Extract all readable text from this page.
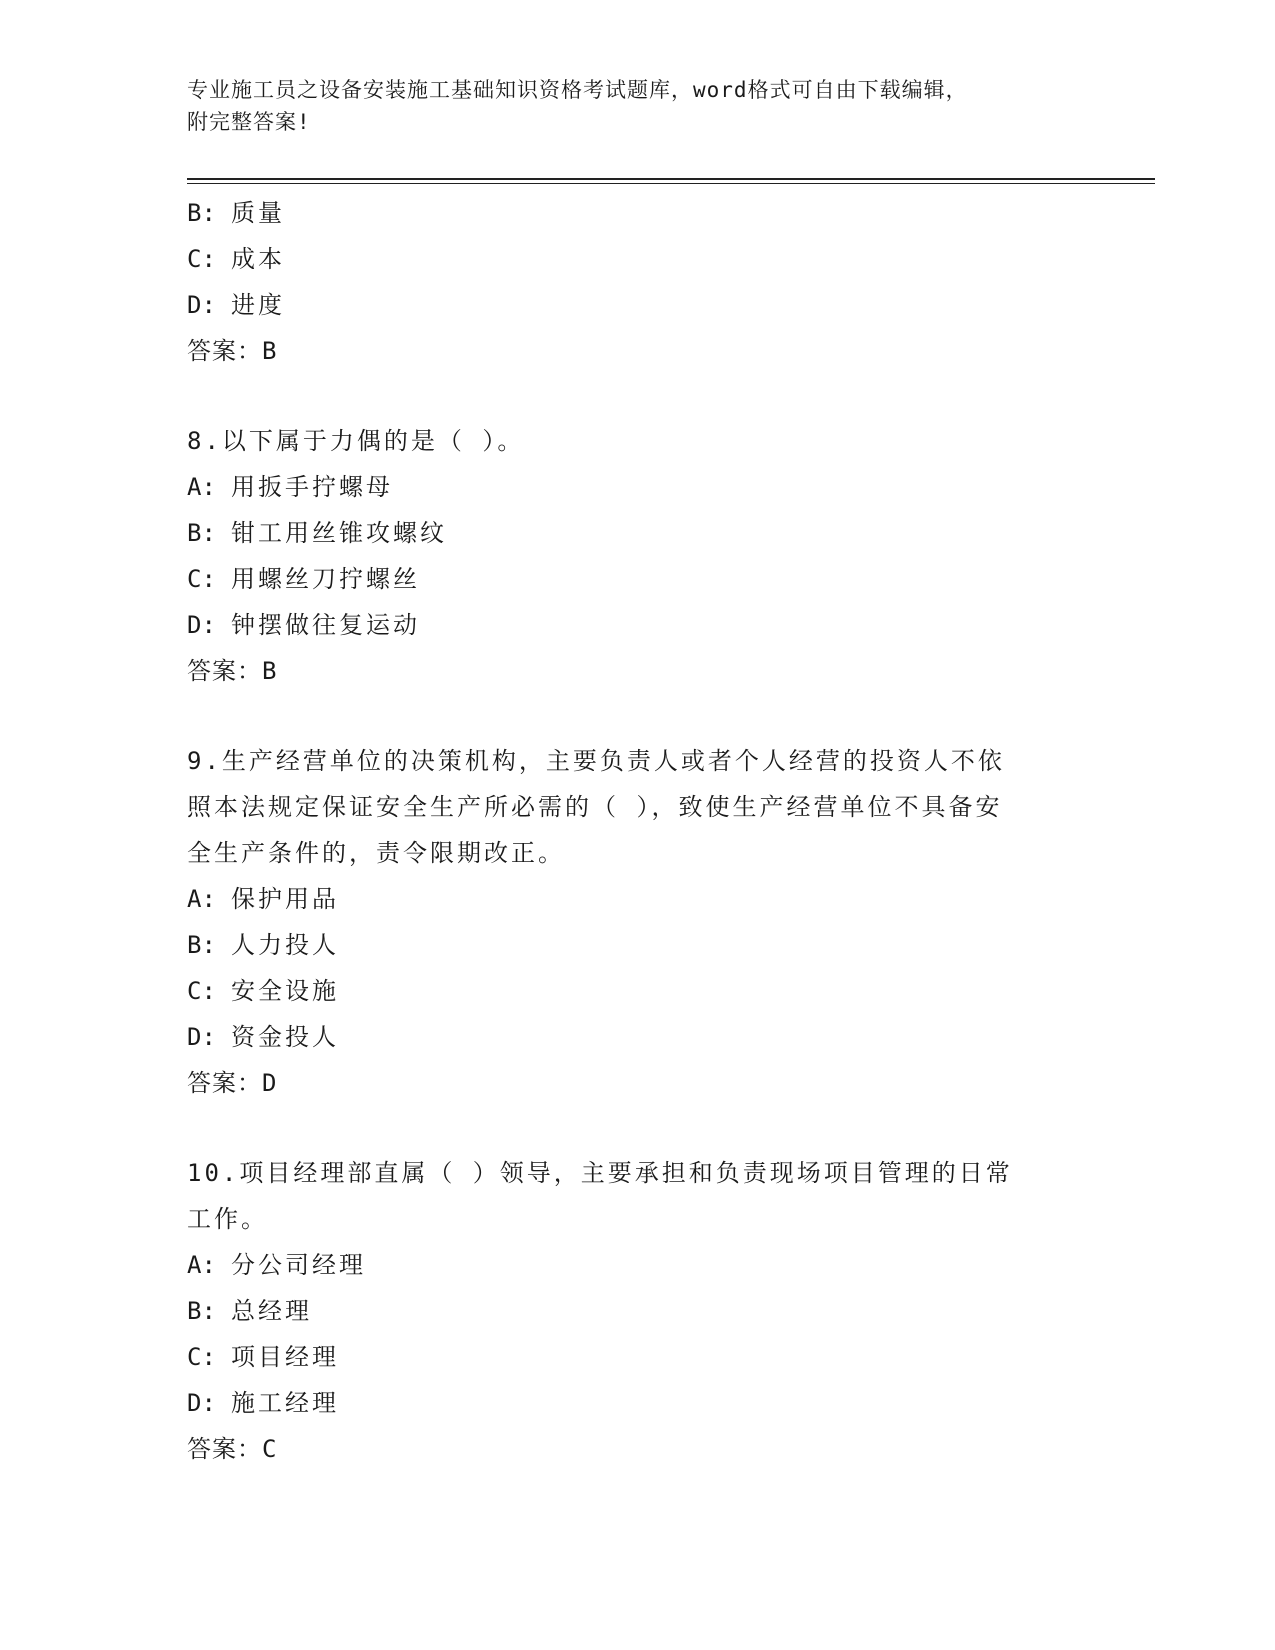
专业施工员之设备安装施工基础知识资格考试题库，word格式可自由下载编辑，
附完整答案!
B: 质量
C: 成本
D: 进度
答案：B
8.以下属于力偶的是（ ）。
A: 用扳手拧螺母
B: 钳工用丝锥攻螺纹
C: 用螺丝刀拧螺丝
D: 钟摆做往复运动
答案：B
9.生产经营单位的决策机构，主要负责人或者个人经营的投资人不依
照本法规定保证安全生产所必需的（ ），致使生产经营单位不具备安
全生产条件的，责令限期改正。
A: 保护用品
B: 人力投人
C: 安全设施
D: 资金投人
答案：D
10.项目经理部直属（ ）领导，主要承担和负责现场项目管理的日常
工作。
A: 分公司经理
B: 总经理
C: 项目经理
D: 施工经理
答案：C
